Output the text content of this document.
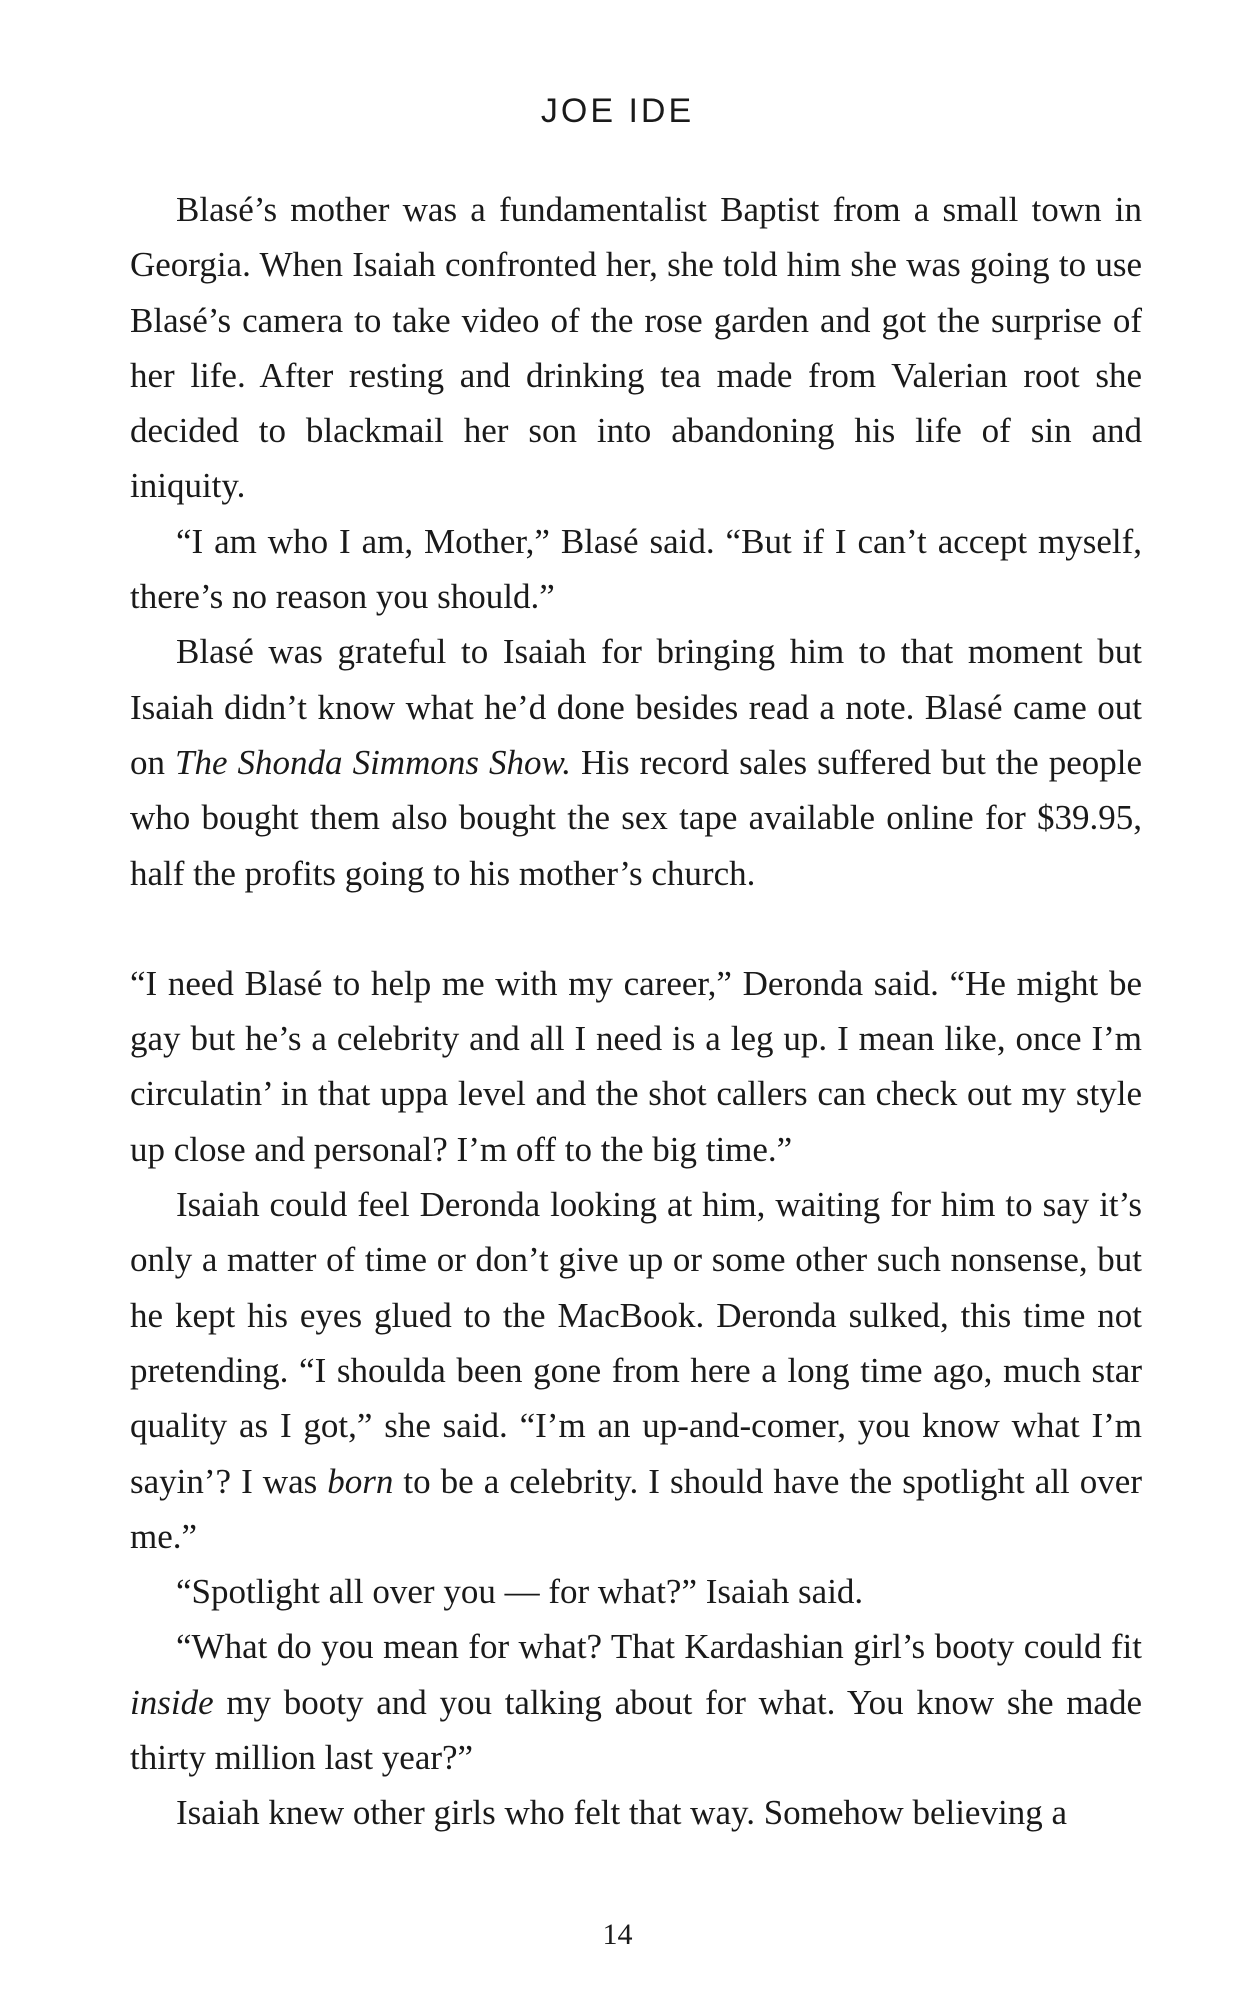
JOE IDE

Blasé’s mother was a fundamentalist Baptist from a small town in Georgia. When Isaiah confronted her, she told him she was going to use Blasé’s camera to take video of the rose garden and got the surprise of her life. After resting and drinking tea made from Valerian root she decided to blackmail her son into abandoning his life of sin and iniquity.

“I am who I am, Mother,” Blasé said. “But if I can’t accept myself, there’s no reason you should.”

Blasé was grateful to Isaiah for bringing him to that moment but Isaiah didn’t know what he’d done besides read a note. Blasé came out on The Shonda Simmons Show. His record sales suffered but the people who bought them also bought the sex tape available online for $39.95, half the profits going to his mother’s church.

“I need Blasé to help me with my career,” Deronda said. “He might be gay but he’s a celebrity and all I need is a leg up. I mean like, once I’m circulatin’ in that uppa level and the shot callers can check out my style up close and personal? I’m off to the big time.”

Isaiah could feel Deronda looking at him, waiting for him to say it’s only a matter of time or don’t give up or some other such nonsense, but he kept his eyes glued to the MacBook. Deronda sulked, this time not pretending. “I shoulda been gone from here a long time ago, much star quality as I got,” she said. “I’m an up-and-comer, you know what I’m sayin’? I was born to be a celebrity. I should have the spotlight all over me.”

“Spotlight all over you — for what?” Isaiah said.

“What do you mean for what? That Kardashian girl’s booty could fit inside my booty and you talking about for what. You know she made thirty million last year?”

Isaiah knew other girls who felt that way. Somehow believing a

14
